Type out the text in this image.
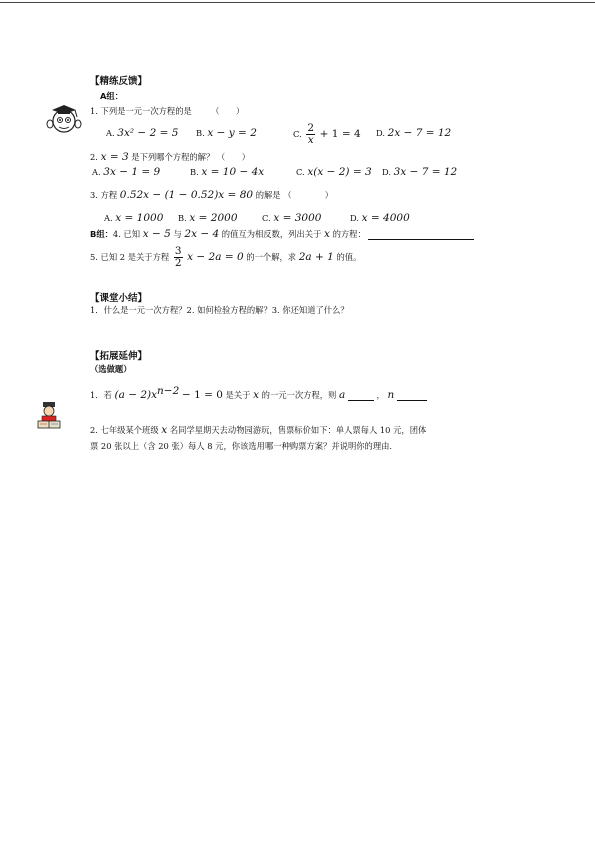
【精练反馈】
A组：
1. 下列是一元一次方程的是 （　　）
A. 3x² − 2 = 5 B. x − y = 2	C. $\frac{2}{x} + 1 = 4$ D. 2x − 7 = 12
2. x = 3 是下列哪个方程的解？ （　　）
A. 3x − 1 = 9	B. x = 10 − 4x	C. x(x − 2) = 3 D. 3x − 7 = 12
3. 方程 0.52x − (1 − 0.52)x = 80 的解是 （　　　　）
A. x = 1000 B. x = 2000	C. x = 3000	D. x = 4000
B组：4. 已知 x − 5 与 2x − 4 的值互为相反数，列出关于 x 的方程：
5. 已知 2 是关于方程 $\frac{3}{2}$ x − 2a = 0 的一个解，求 2a + 1 的值。
【课堂小结】
1．什么是一元一次方程？2. 如何检验方程的解？3. 你还知道了什么？
【拓展延伸】
（选做题）
1．若 $(a - 2)x^{n-2} - 1 = 0$ 是关于 x 的一元一次方程，则 a	， n
2. 七年级某个班级 x 名同学星期天去动物园游玩，售票标价如下：单人票每人 10 元，团体
票 20 张以上（含 20 张）每人 8 元，你该选用哪一种购票方案？并说明你的理由.
